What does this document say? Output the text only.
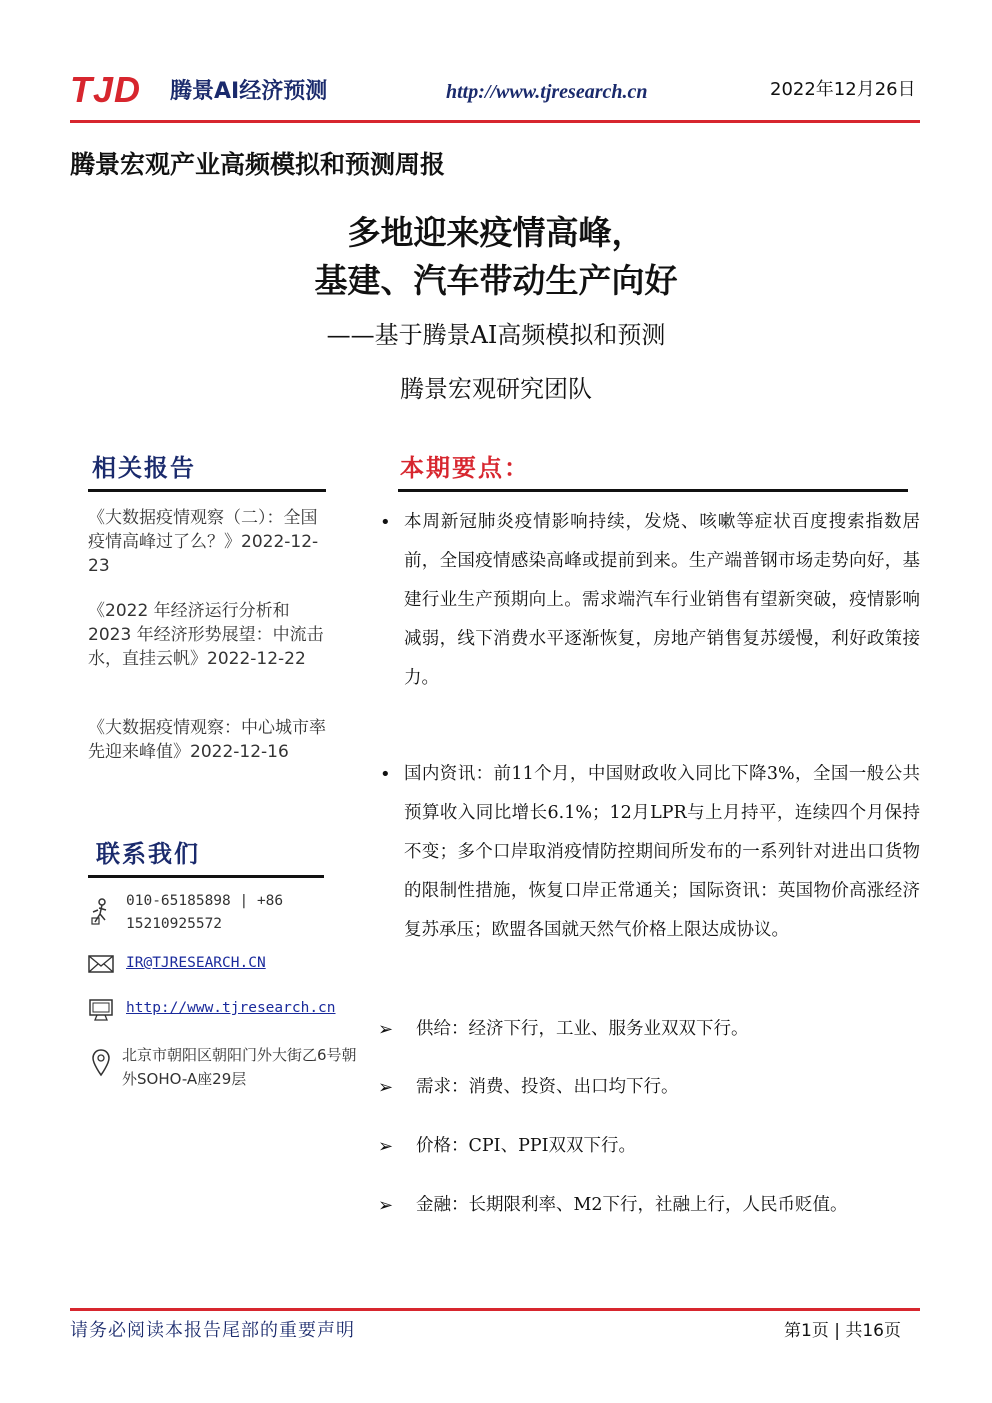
TJD 腾景AI经济预测	http://www.tjresearch.cn	2022年12月26日
腾景宏观产业高频模拟和预测周报
多地迎来疫情高峰，
基建、汽车带动生产向好
——基于腾景AI高频模拟和预测
腾景宏观研究团队
相关报告
《大数据疫情观察（二）：全国疫情高峰过了么？》2022-12-23
《2022 年经济运行分析和2023 年经济形势展望：中流击水，直挂云帆》2022-12-22
《大数据疫情观察：中心城市率先迎来峰值》2022-12-16
联系我们
010-65185898 | +86
15210925572
IR@TJRESEARCH.CN
http://www.tjresearch.cn
北京市朝阳区朝阳门外大街乙6号朝外SOHO-A座29层
本期要点：
• 本周新冠肺炎疫情影响持续，发烧、咳嗽等症状百度搜索指数居前，全国疫情感染高峰或提前到来。生产端普钢市场走势向好，基建行业生产预期向上。需求端汽车行业销售有望新突破，疫情影响减弱，线下消费水平逐渐恢复，房地产销售复苏缓慢，利好政策接力。
• 国内资讯：前11个月，中国财政收入同比下降3%，全国一般公共预算收入同比增长6.1%；12月LPR与上月持平，连续四个月保持不变；多个口岸取消疫情防控期间所发布的一系列针对进出口货物的限制性措施，恢复口岸正常通关；国际资讯：英国物价高涨经济复苏承压；欧盟各国就天然气价格上限达成协议。
➢ 供给：经济下行，工业、服务业双双下行。
➢ 需求：消费、投资、出口均下行。
➢ 价格：CPI、PPI双双下行。
➢ 金融：长期限利率、M2下行，社融上行，人民币贬值。
请务必阅读本报告尾部的重要声明	第1页 | 共16页
